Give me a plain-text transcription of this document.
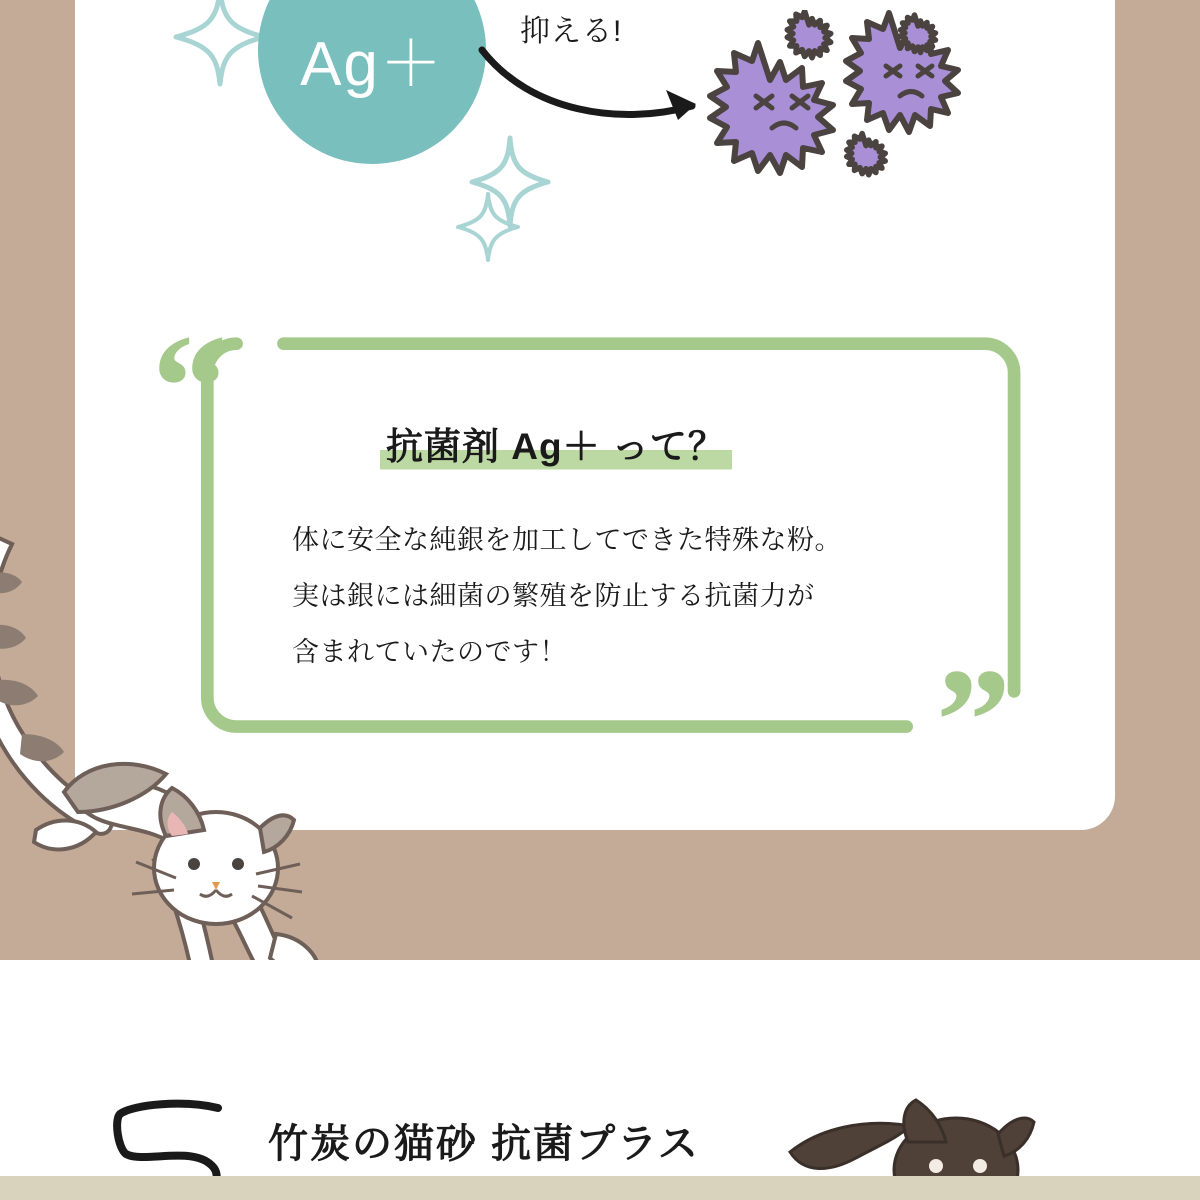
Ag＋	抑える!
“
”
抗菌剤 Ag＋ って？
体に安全な純銀を加工してできた特殊な粉。
実は銀には細菌の繁殖を防止する抗菌力が
含まれていたのです！
竹炭の猫砂 抗菌プラス
